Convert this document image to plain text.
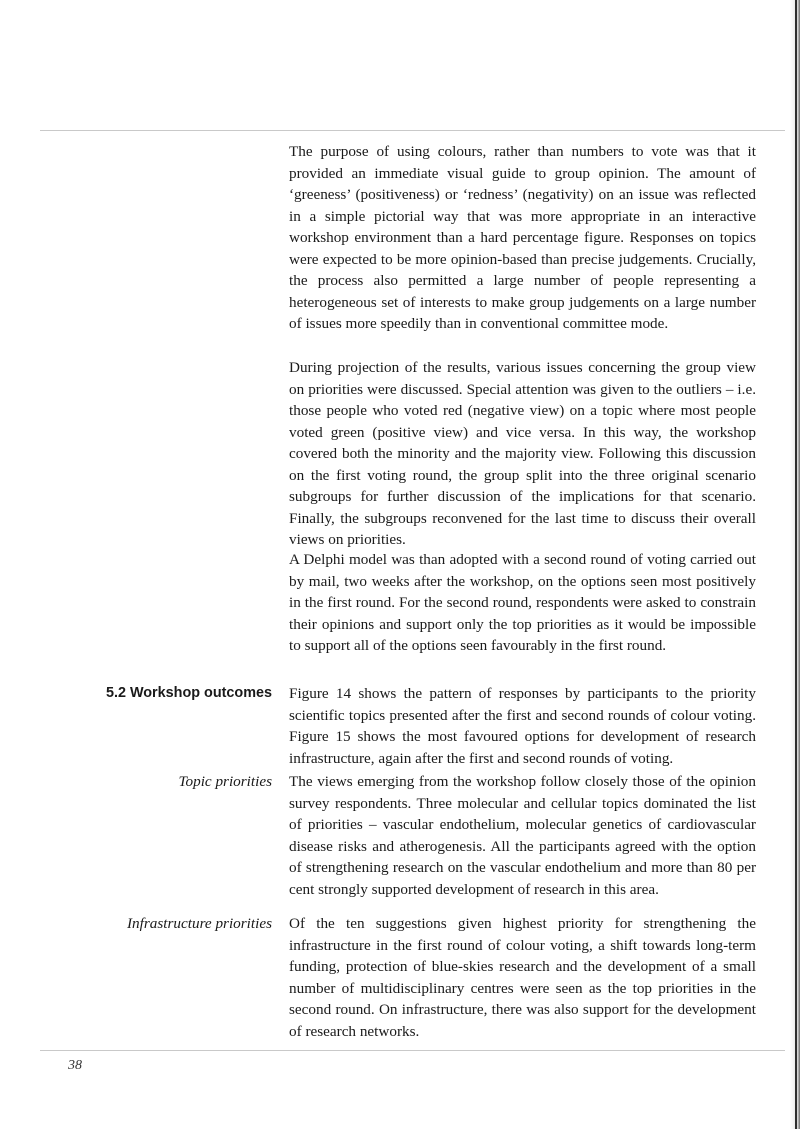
The purpose of using colours, rather than numbers to vote was that it provided an immediate visual guide to group opinion. The amount of ‘greeness’ (positiveness) or ‘redness’ (negativity) on an issue was reflected in a simple pictorial way that was more appropriate in an interactive workshop environment than a hard percentage figure. Responses on topics were expected to be more opinion-based than precise judgements. Crucially, the process also permitted a large number of people representing a heterogeneous set of interests to make group judgements on a large number of issues more speedily than in conventional committee mode.

During projection of the results, various issues concerning the group view on priorities were discussed. Special attention was given to the outliers – i.e. those people who voted red (negative view) on a topic where most people voted green (positive view) and vice versa. In this way, the workshop covered both the minority and the majority view. Following this discussion on the first voting round, the group split into the three original scenario subgroups for further discussion of the implications for that scenario. Finally, the subgroups reconvened for the last time to discuss their overall views on priorities.

A Delphi model was than adopted with a second round of voting carried out by mail, two weeks after the workshop, on the options seen most positively in the first round. For the second round, respondents were asked to constrain their opinions and support only the top priorities as it would be impossible to support all of the options seen favourably in the first round.

5.2 Workshop outcomes Figure 14 shows the pattern of responses by participants to the priority scientific topics presented after the first and second rounds of colour voting. Figure 15 shows the most favoured options for development of research infrastructure, again after the first and second rounds of voting.

Topic priorities The views emerging from the workshop follow closely those of the opinion survey respondents. Three molecular and cellular topics dominated the list of priorities – vascular endothelium, molecular genetics of cardiovascular disease risks and atherogenesis. All the participants agreed with the option of strengthening research on the vascular endothelium and more than 80 per cent strongly supported development of research in this area.

Infrastructure priorities Of the ten suggestions given highest priority for strengthening the infrastructure in the first round of colour voting, a shift towards long-term funding, protection of blue-skies research and the development of a small number of multidisciplinary centres were seen as the top priorities in the second round. On infrastructure, there was also support for the development of research networks.

38
